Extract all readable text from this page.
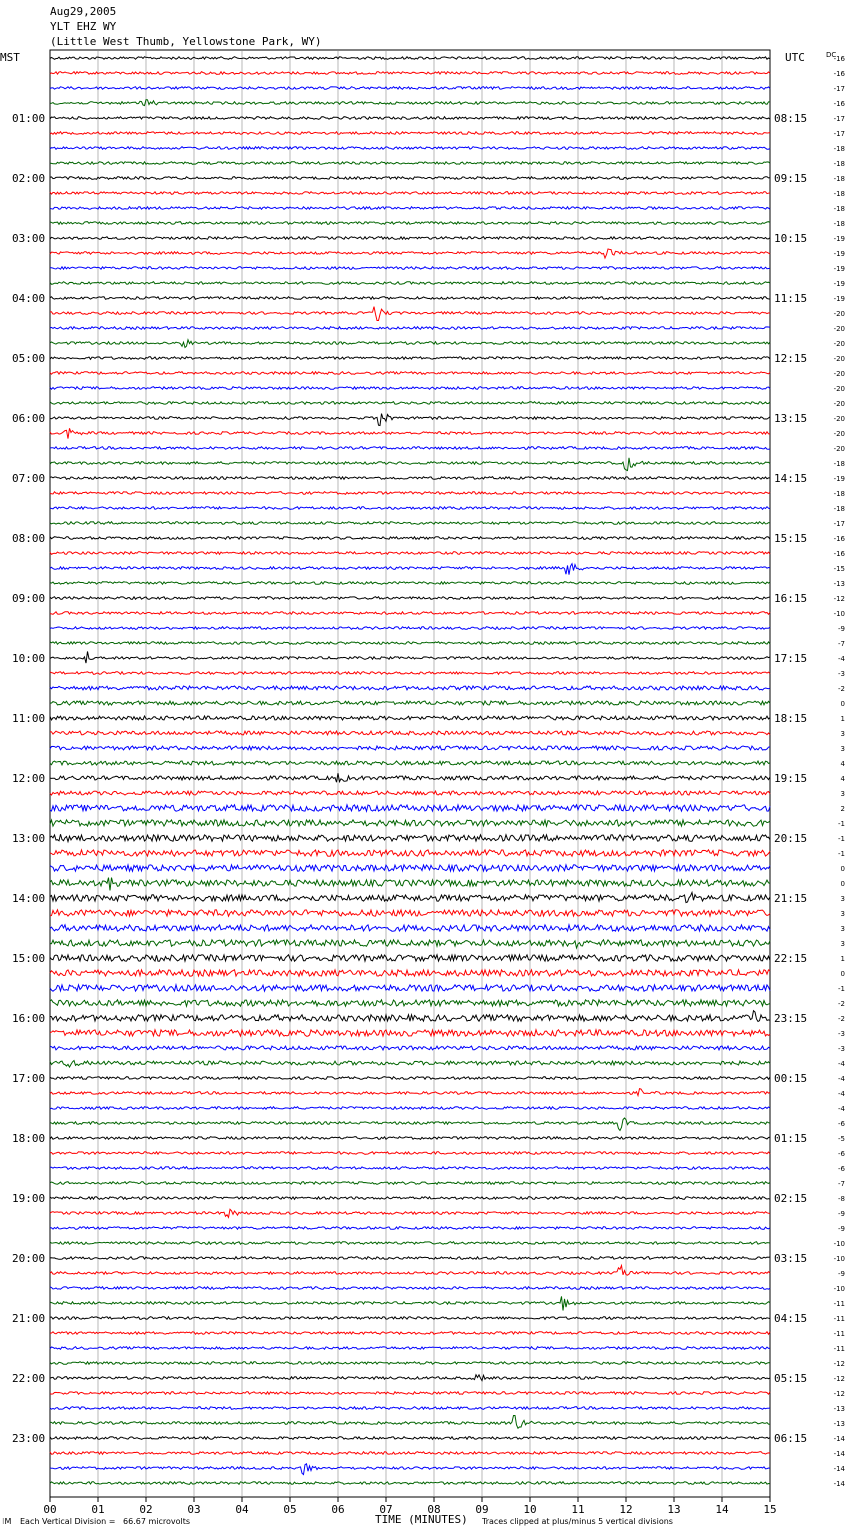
Aug29,2005
YLT EHZ WY
(Little West Thumb, Yellowstone Park, WY)
01:00
02:00
03:00
04:00
05:00
06:00
07:00
08:00
09:00
10:00
11:00
12:00
13:00
14:00
15:00
16:00
17:00
18:00
19:00
20:00
21:00
22:00
23:00
08:15
09:15
10:15
11:15
12:15
13:15
14:15
15:15
16:15
17:15
18:15
19:15
20:15
21:15
22:15
23:15
00:15
01:15
02:15
03:15
04:15
05:15
06:15
-16
-16
-17
-16
-17
-17
-18
-18
-18
-18
-18
-18
-19
-19
-19
-19
-19
-20
-20
-20
-20
-20
-20
-20
-20
-20
-20
-18
-19
-18
-18
-17
-16
-16
-15
-13
-12
-10
-9
-7
-4
-3
-2
0
1
3
3
4
4
3
2
-1
-1
-1
0
0
3
3
3
3
1
0
-1
-2
-2
-3
-3
-4
-4
-4
-4
-6
-5
-6
-6
-7
-8
-9
-9
-10
-10
-9
-10
-11
-11
-11
-11
-12
-12
-12
-13
-13
-14
-14
-14
-14
00	01	02	03	04	05	06	07	08	09	10	11	12	13	14	15
MST	UTC	DC
TIME (MINUTES)
⁝M Each Vertical Division =   66.67 microvolts	Traces clipped at plus/minus 5 vertical divisions
